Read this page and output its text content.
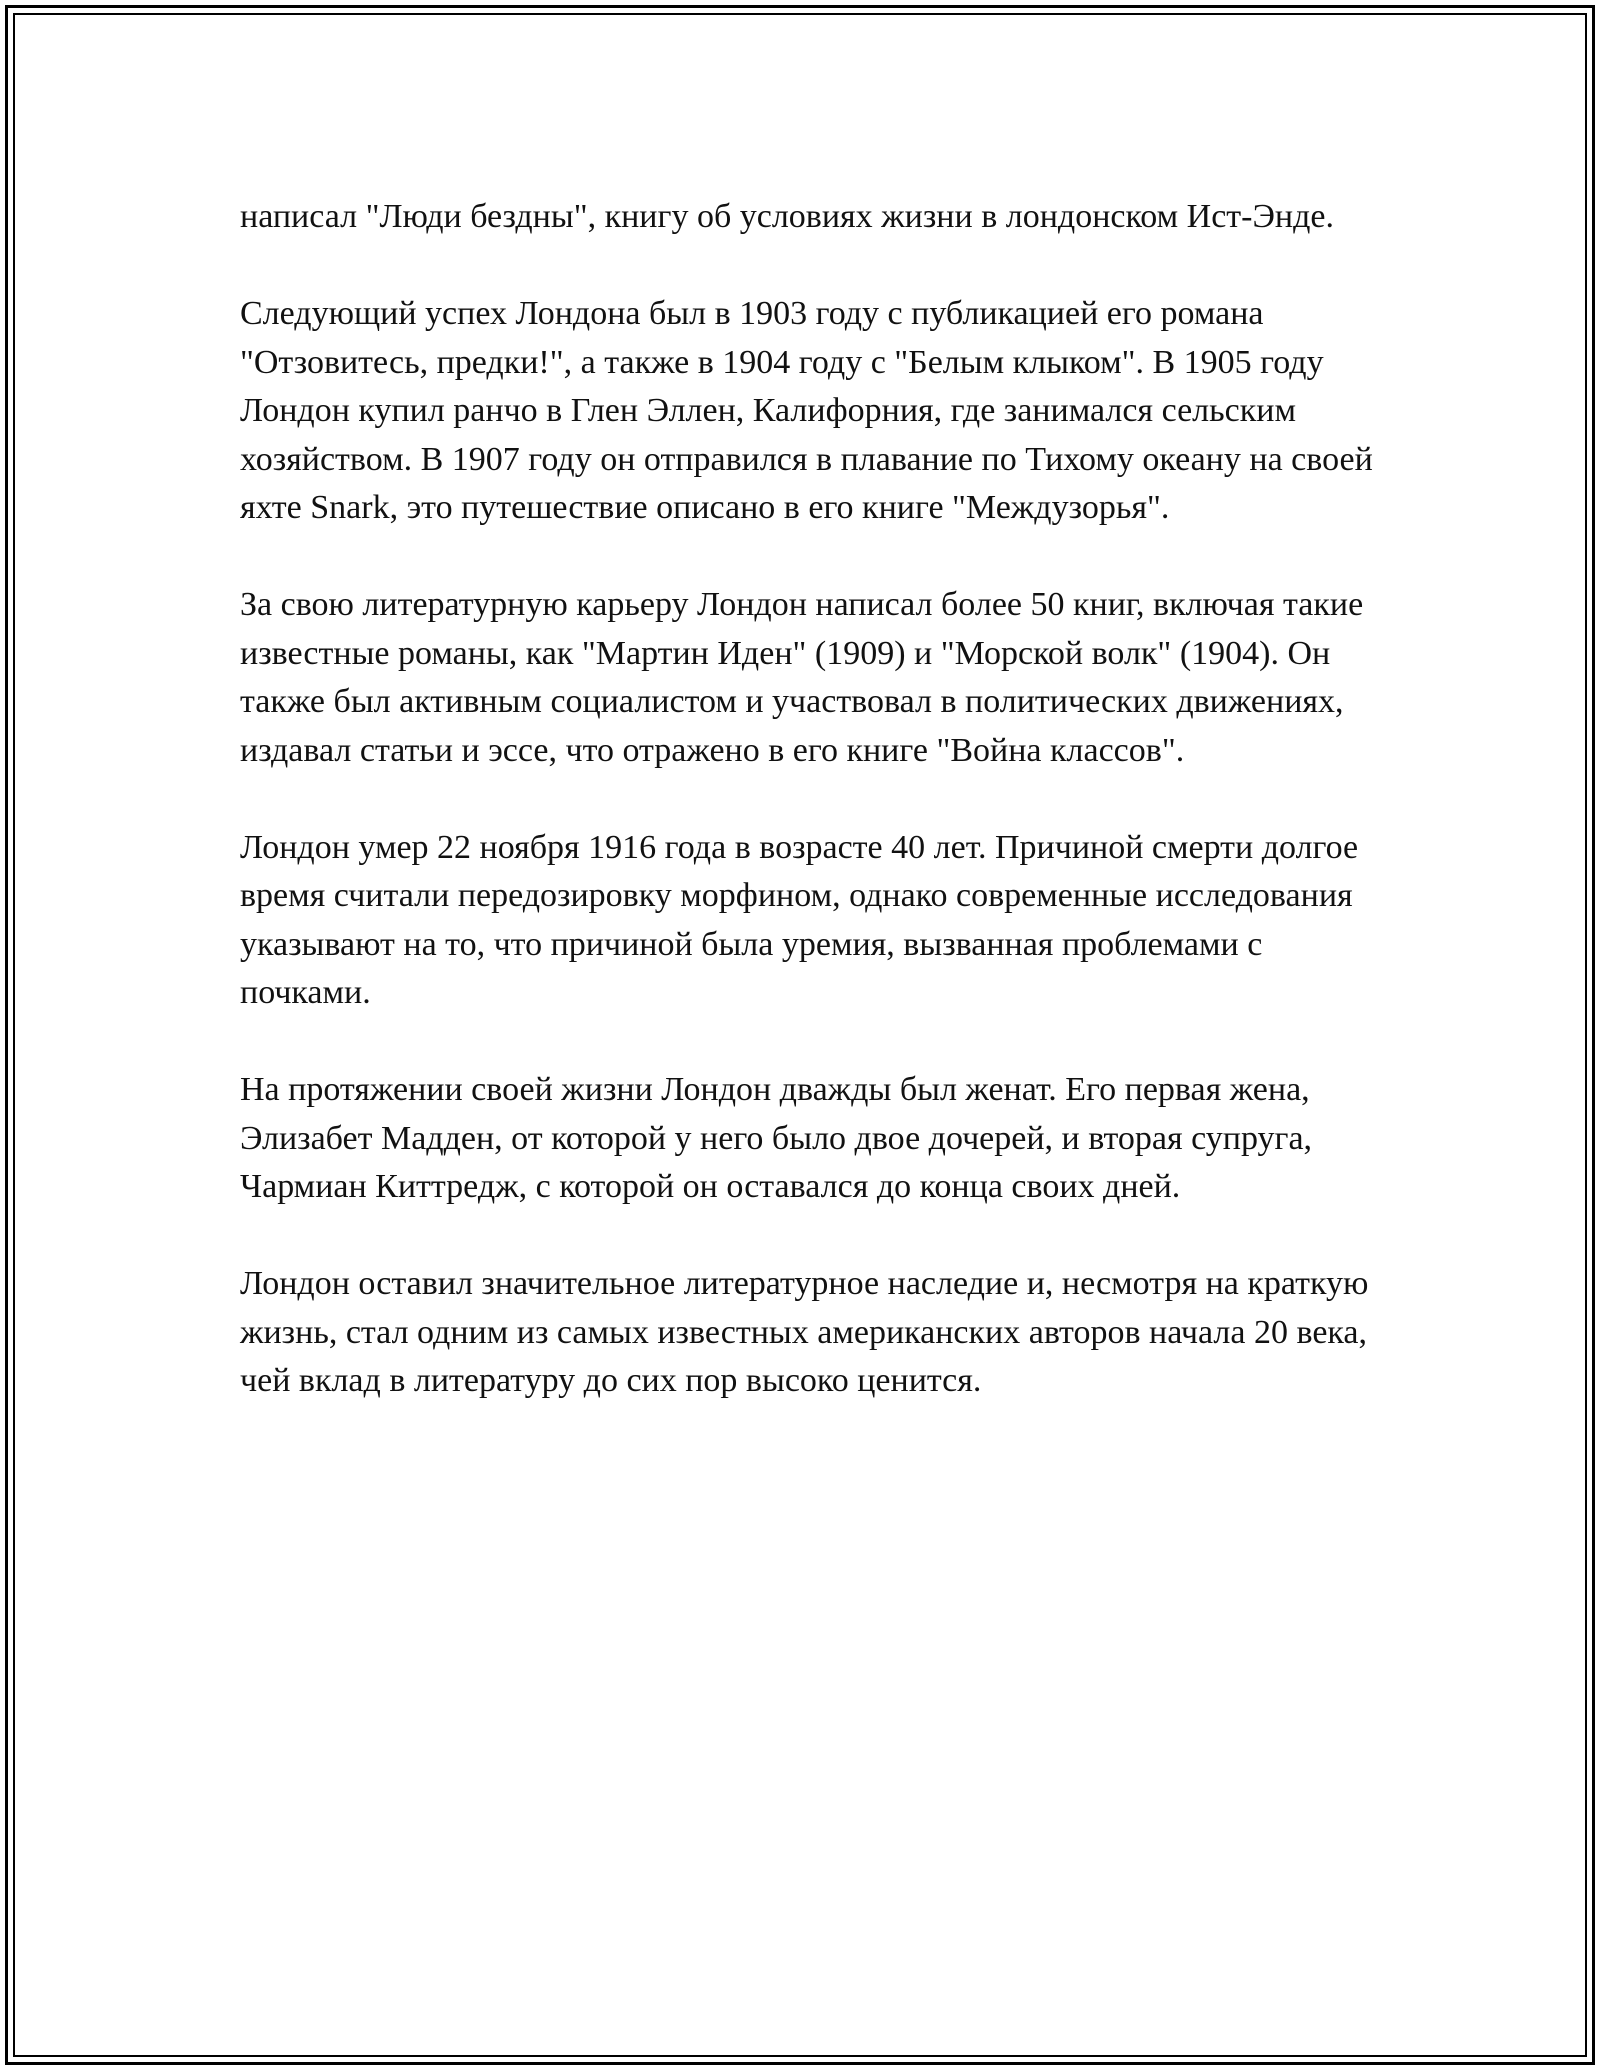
написал "Люди бездны", книгу об условиях жизни в лондонском Ист-Энде.

Следующий успех Лондона был в 1903 году с публикацией его романа "Отзовитесь, предки!", а также в 1904 году с "Белым клыком". В 1905 году Лондон купил ранчо в Глен Эллен, Калифорния, где занимался сельским хозяйством. В 1907 году он отправился в плавание по Тихому океану на своей яхте Snark, это путешествие описано в его книге "Междузорья".

За свою литературную карьеру Лондон написал более 50 книг, включая такие известные романы, как "Мартин Иден" (1909) и "Морской волк" (1904). Он также был активным социалистом и участвовал в политических движениях, издавал статьи и эссе, что отражено в его книге "Война классов".

Лондон умер 22 ноября 1916 года в возрасте 40 лет. Причиной смерти долгое время считали передозировку морфином, однако современные исследования указывают на то, что причиной была уремия, вызванная проблемами с почками.

На протяжении своей жизни Лондон дважды был женат. Его первая жена, Элизабет Мадден, от которой у него было двое дочерей, и вторая супруга, Чармиан Киттредж, с которой он оставался до конца своих дней.

Лондон оставил значительное литературное наследие и, несмотря на краткую жизнь, стал одним из самых известных американских авторов начала 20 века, чей вклад в литературу до сих пор высоко ценится.
